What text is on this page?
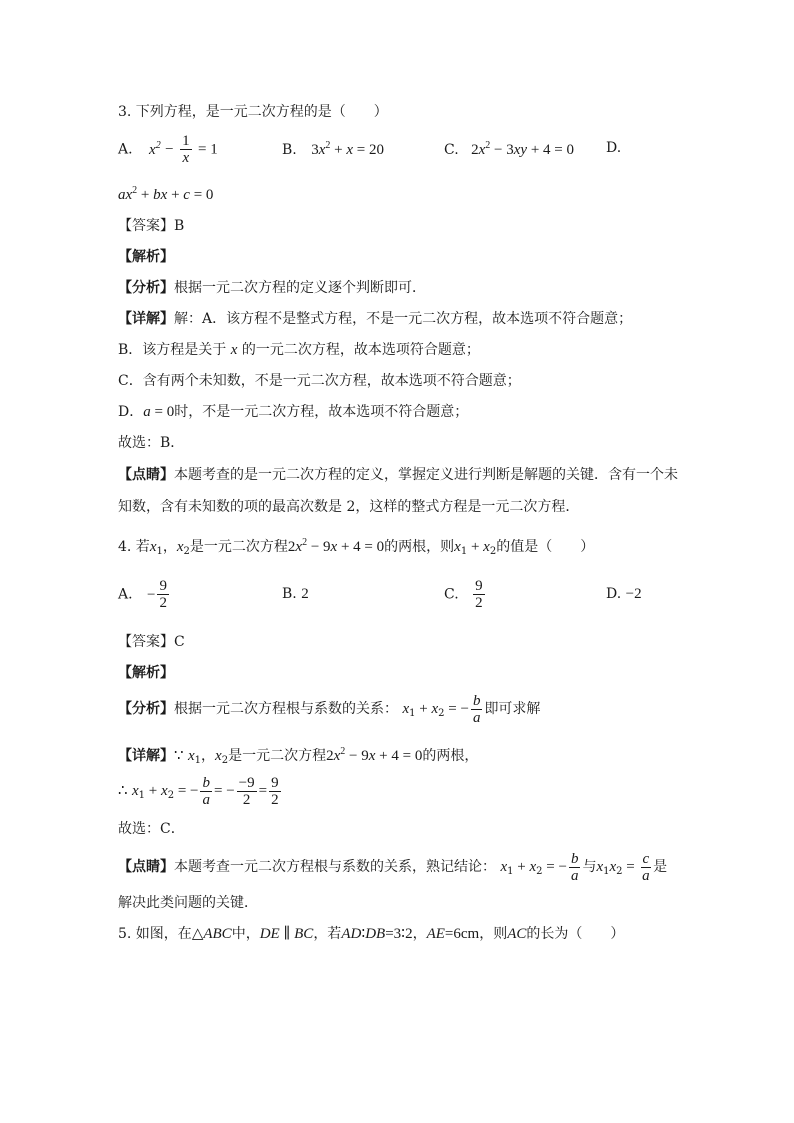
3. 下列方程，是一元二次方程的是（　　）
A. $x^2 - \frac{1}{x} = 1$	B. $3x^2 + x = 20$	C. $2x^2 - 3xy + 4 = 0$ D.
$ax^2$ + bx + c = 0
【答案】B
【解析】
【分析】根据一元二次方程的定义逐个判断即可．
【详解】解：A．该方程不是整式方程，不是一元二次方程，故本选项不符合题意；
B．该方程是关于 x 的一元二次方程，故本选项符合题意；
C．含有两个未知数，不是一元二次方程，故本选项不符合题意；
D．a = 0时，不是一元二次方程，故本选项不符合题意；
故选：B．
【点睛】本题考查的是一元二次方程的定义，掌握定义进行判断是解题的关键．含有一个未
知数，含有未知数的项的最高次数是 2，这样的整式方程是一元二次方程．
4. 若$x_1$，$x_2$是一元二次方程$2x^2 - 9x + 4 = 0$的两根，则$x_1 + x_2$的值是（　　）
A. − $\frac{9}{2}$	B. 2	C. $\frac{9}{2}$	D. −2
【答案】C
【解析】
【分析】根据一元二次方程根与系数的关系： $x_1 + x_2$ = − $\frac{b}{a}$ 即可求解
【详解】∵ $x_1$，$x_2$是一元二次方程$2x^2 - 9x + 4 = 0$的两根，
∴ $x_1 + x_2$ = − $\frac{b}{a}$ = − $\frac{-9}{2} = \frac{9}{2}$
故选：C．
【点睛】本题考查一元二次方程根与系数的关系，熟记结论： $x_1 + x_2$ = − $\frac{b}{a}$ 与$x_1x_2 = \frac{c}{a}$ 是
解决此类问题的关键．
5. 如图，在△ABC中，DE ∥ BC，若AD∶DB=3∶2，AE=6cm，则AC的长为（　　）
